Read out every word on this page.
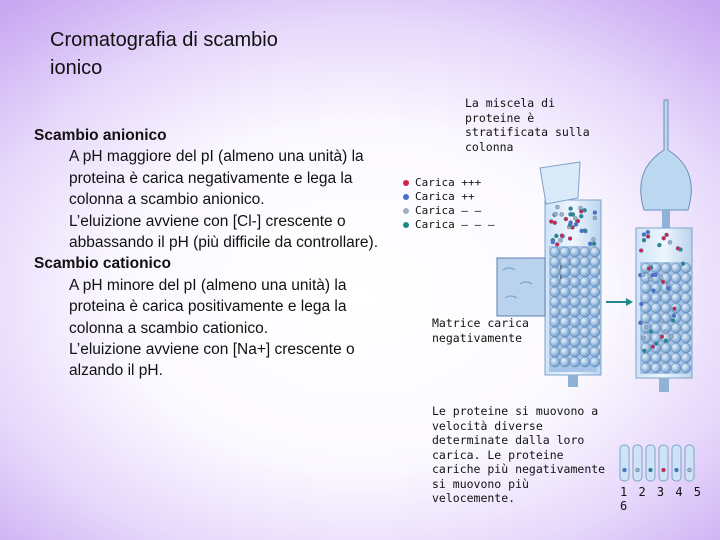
Cromatografia di scambio ionico
Scambio anionico
A pH maggiore del pI (almeno una unità) la proteina è carica negativamente e lega la colonna a scambio anionico.
L’eluizione avviene con [Cl-] crescente o abbassando il pH (più difficile da controllare).
Scambio cationico
A pH minore del pI (almeno una unità) la proteina è carica positivamente e lega la colonna a scambio cationico.
L’eluizione avviene con [Na+] crescente o alzando il pH.
La miscela di proteine è stratificata sulla colonna
Carica +++
Carica ++
Carica – –
Carica – – –
Matrice carica negativamente
Le proteine si muovono a velocità diverse determinate dalla loro carica. Le proteine cariche più negativamente si muovono più velocemente.	1 2 3 4 5 6
